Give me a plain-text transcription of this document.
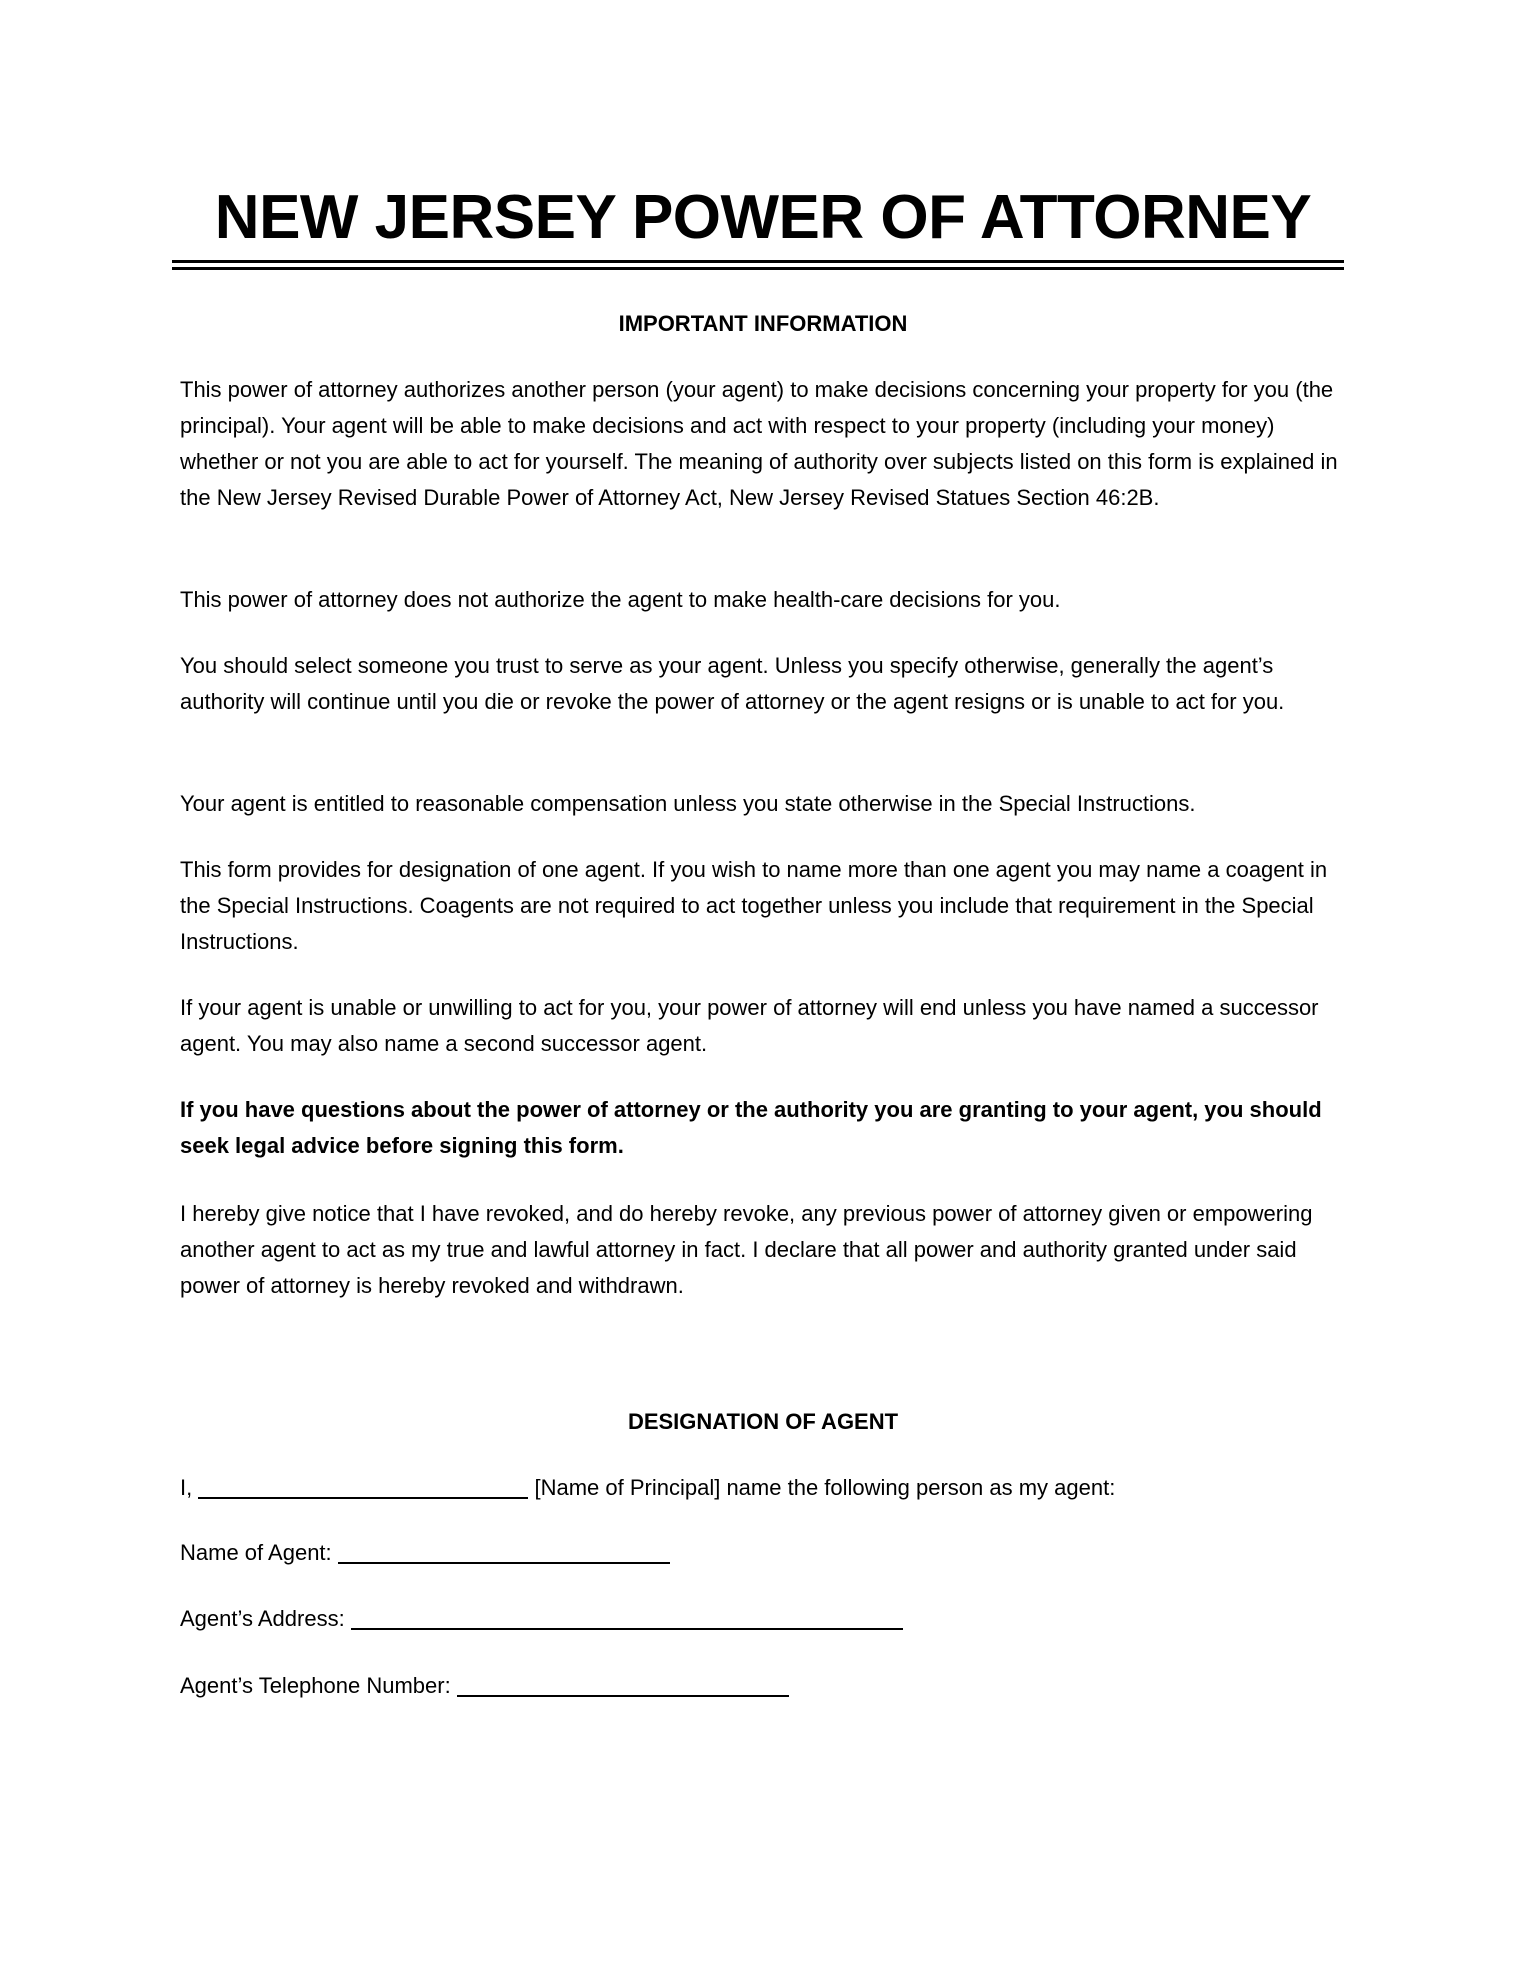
NEW JERSEY POWER OF ATTORNEY
IMPORTANT INFORMATION

This power of attorney authorizes another person (your agent) to make decisions concerning your property for you (the principal). Your agent will be able to make decisions and act with respect to your property (including your money) whether or not you are able to act for yourself. The meaning of authority over subjects listed on this form is explained in the New Jersey Revised Durable Power of Attorney Act, New Jersey Revised Statues Section 46:2B.

This power of attorney does not authorize the agent to make health-care decisions for you.

You should select someone you trust to serve as your agent. Unless you specify otherwise, generally the agent’s authority will continue until you die or revoke the power of attorney or the agent resigns or is unable to act for you.

Your agent is entitled to reasonable compensation unless you state otherwise in the Special Instructions.

This form provides for designation of one agent. If you wish to name more than one agent you may name a coagent in the Special Instructions. Coagents are not required to act together unless you include that requirement in the Special Instructions.

If your agent is unable or unwilling to act for you, your power of attorney will end unless you have named a successor agent. You may also name a second successor agent.

If you have questions about the power of attorney or the authority you are granting to your agent, you should seek legal advice before signing this form.

I hereby give notice that I have revoked, and do hereby revoke, any previous power of attorney given or empowering another agent to act as my true and lawful attorney in fact. I declare that all power and authority granted under said power of attorney is hereby revoked and withdrawn.

DESIGNATION OF AGENT
I,	[Name of Principal] name the following person as my agent:
Name of Agent:
Agent’s Address:
Agent’s Telephone Number:
